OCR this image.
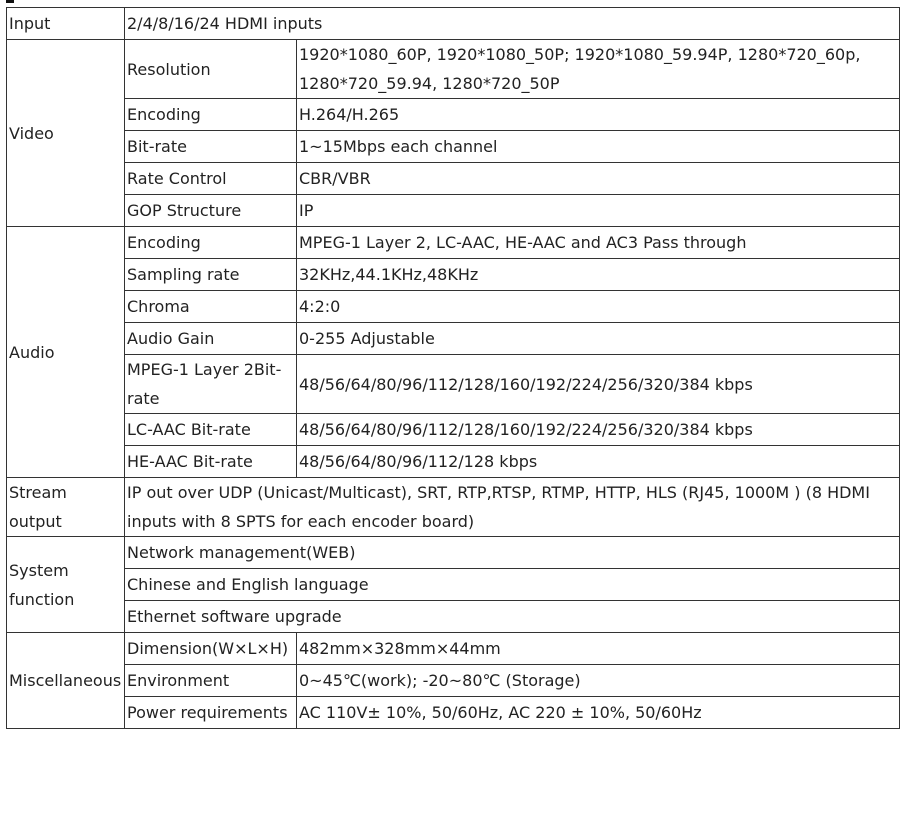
Input	2/4/8/16/24 HDMI inputs	
Video	Resolution	1920*1080_60P, 1920*1080_50P; 1920*1080_59.94P, 1280*720_60p, 1280*720_59.94, 1280*720_50P
	Encoding	H.264/H.265
	Bit-rate	1~15Mbps each channel
	Rate Control	CBR/VBR
	GOP Structure	IP
Audio	Encoding	MPEG-1 Layer 2, LC-AAC, HE-AAC and AC3 Pass through
	Sampling rate	32KHz,44.1KHz,48KHz
	Chroma	4:2:0
	Audio Gain	0-255 Adjustable
	MPEG-1 Layer 2Bit-rate	48/56/64/80/96/112/128/160/192/224/256/320/384 kbps
	LC-AAC Bit-rate	48/56/64/80/96/112/128/160/192/224/256/320/384 kbps
	HE-AAC Bit-rate	48/56/64/80/96/112/128 kbps
Stream output	IP out over UDP (Unicast/Multicast), SRT, RTP,RTSP, RTMP, HTTP, HLS (RJ45, 1000M ) (8 HDMI inputs with 8 SPTS for each encoder board)	
System function	Network management(WEB)	
	Chinese and English language	
	Ethernet software upgrade	
Miscellaneous	Dimension(W×L×H)	482mm×328mm×44mm
	Environment	0~45℃(work); -20~80℃ (Storage)
	Power requirements	AC 110V± 10%, 50/60Hz, AC 220 ± 10%, 50/60Hz
